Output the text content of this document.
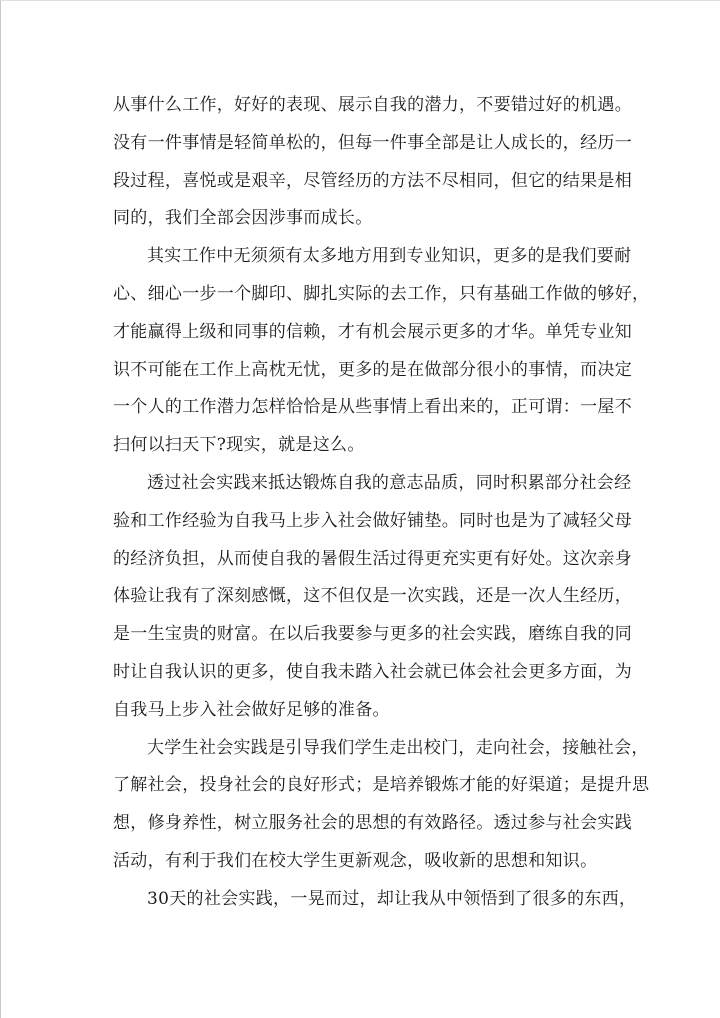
从事什么工作，好好的表现、展示自我的潜力，不要错过好的机遇。
没有一件事情是轻简单松的，但每一件事全部是让人成长的，经历一
段过程，喜悦或是艰辛，尽管经历的方法不尽相同，但它的结果是相
同的，我们全部会因涉事而成长。
其实工作中无须须有太多地方用到专业知识，更多的是我们要耐
心、细心一步一个脚印、脚扎实际的去工作，只有基础工作做的够好，
才能赢得上级和同事的信赖，才有机会展示更多的才华。单凭专业知
识不可能在工作上高枕无忧，更多的是在做部分很小的事情，而决定
一个人的工作潜力怎样恰恰是从些事情上看出来的，正可谓：一屋不
扫何以扫天下?现实，就是这么。
透过社会实践来抵达锻炼自我的意志品质，同时积累部分社会经
验和工作经验为自我马上步入社会做好铺垫。同时也是为了减轻父母
的经济负担，从而使自我的暑假生活过得更充实更有好处。这次亲身
体验让我有了深刻感慨，这不但仅是一次实践，还是一次人生经历，
是一生宝贵的财富。在以后我要参与更多的社会实践，磨练自我的同
时让自我认识的更多，使自我未踏入社会就已体会社会更多方面，为
自我马上步入社会做好足够的准备。
大学生社会实践是引导我们学生走出校门，走向社会，接触社会，
了解社会，投身社会的良好形式；是培养锻炼才能的好渠道；是提升思
想，修身养性，树立服务社会的思想的有效路径。透过参与社会实践
活动，有利于我们在校大学生更新观念，吸收新的思想和知识。
30天的社会实践，一晃而过，却让我从中领悟到了很多的东西，
